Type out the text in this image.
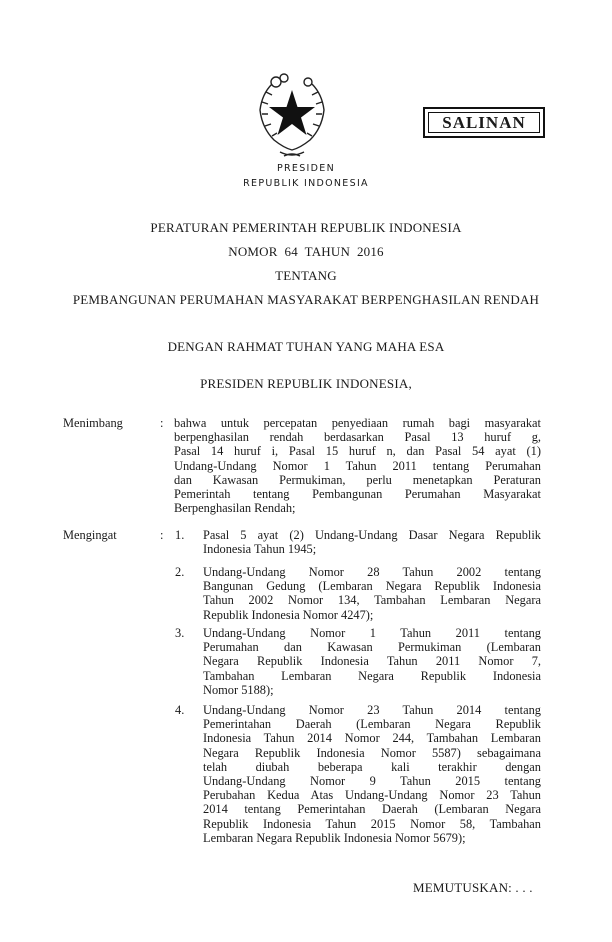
SALINAN
PRESIDEN
REPUBLIK INDONESIA
PERATURAN PEMERINTAH REPUBLIK INDONESIA
NOMOR  64  TAHUN  2016
TENTANG
PEMBANGUNAN PERUMAHAN MASYARAKAT BERPENGHASILAN RENDAH
DENGAN RAHMAT TUHAN YANG MAHA ESA
PRESIDEN REPUBLIK INDONESIA,
Menimbang	: bahwa untuk percepatan penyediaan rumah bagi masyarakat
berpenghasilan rendah berdasarkan Pasal 13 huruf g,
Pasal 14 huruf i, Pasal 15 huruf n, dan Pasal 54 ayat (1)
Undang-Undang Nomor 1 Tahun 2011 tentang Perumahan
dan Kawasan Permukiman, perlu menetapkan Peraturan
Pemerintah tentang Pembangunan Perumahan Masyarakat
Berpenghasilan Rendah;
Mengingat	: 1. Pasal 5 ayat (2) Undang-Undang Dasar Negara Republik
Indonesia Tahun 1945;
2. Undang-Undang Nomor 28 Tahun 2002 tentang
Bangunan Gedung (Lembaran Negara Republik Indonesia
Tahun 2002 Nomor 134, Tambahan Lembaran Negara
Republik Indonesia Nomor 4247);
3. Undang-Undang Nomor 1 Tahun 2011 tentang
Perumahan dan Kawasan Permukiman (Lembaran
Negara Republik Indonesia Tahun 2011 Nomor 7,
Tambahan Lembaran Negara Republik Indonesia
Nomor 5188);
4. Undang-Undang Nomor 23 Tahun 2014 tentang
Pemerintahan Daerah (Lembaran Negara Republik
Indonesia Tahun 2014 Nomor 244, Tambahan Lembaran
Negara Republik Indonesia Nomor 5587) sebagaimana
telah diubah beberapa kali terakhir dengan
Undang-Undang Nomor 9 Tahun 2015 tentang
Perubahan Kedua Atas Undang-Undang Nomor 23 Tahun
2014 tentang Pemerintahan Daerah (Lembaran Negara
Republik Indonesia Tahun 2015 Nomor 58, Tambahan
Lembaran Negara Republik Indonesia Nomor 5679);
MEMUTUSKAN: . . .
